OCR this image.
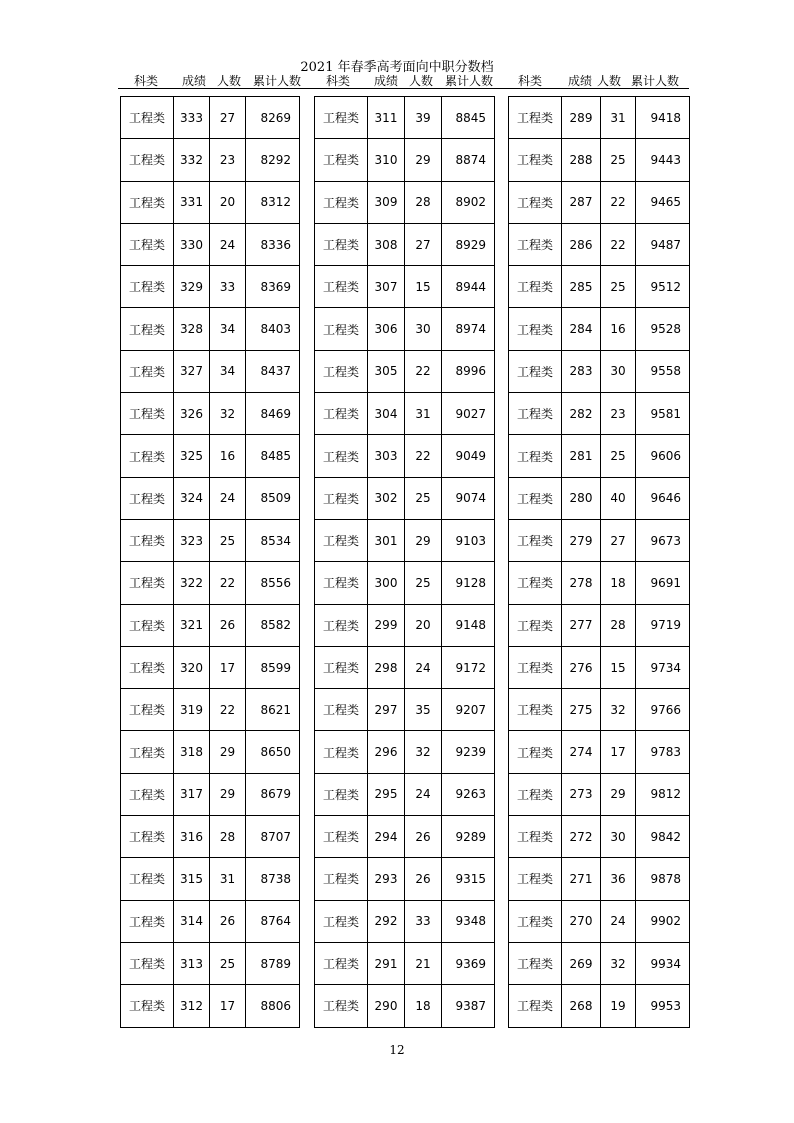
2021 年春季高考面向中职分数档
科类	成绩 人数 累计人数	科类	成绩 人数 累计人数	科类	成绩 人数 累计人数
工程类	333	27	8269
工程类	332	23	8292
工程类	331	20	8312
工程类	330	24	8336
工程类	329	33	8369
工程类	328	34	8403
工程类	327	34	8437
工程类	326	32	8469
工程类	325	16	8485
工程类	324	24	8509
工程类	323	25	8534
工程类	322	22	8556
工程类	321	26	8582
工程类	320	17	8599
工程类	319	22	8621
工程类	318	29	8650
工程类	317	29	8679
工程类	316	28	8707
工程类	315	31	8738
工程类	314	26	8764
工程类	313	25	8789
工程类	312	17	8806
工程类	311	39	8845
工程类	310	29	8874
工程类	309	28	8902
工程类	308	27	8929
工程类	307	15	8944
工程类	306	30	8974
工程类	305	22	8996
工程类	304	31	9027
工程类	303	22	9049
工程类	302	25	9074
工程类	301	29	9103
工程类	300	25	9128
工程类	299	20	9148
工程类	298	24	9172
工程类	297	35	9207
工程类	296	32	9239
工程类	295	24	9263
工程类	294	26	9289
工程类	293	26	9315
工程类	292	33	9348
工程类	291	21	9369
工程类	290	18	9387
工程类	289	31	9418
工程类	288	25	9443
工程类	287	22	9465
工程类	286	22	9487
工程类	285	25	9512
工程类	284	16	9528
工程类	283	30	9558
工程类	282	23	9581
工程类	281	25	9606
工程类	280	40	9646
工程类	279	27	9673
工程类	278	18	9691
工程类	277	28	9719
工程类	276	15	9734
工程类	275	32	9766
工程类	274	17	9783
工程类	273	29	9812
工程类	272	30	9842
工程类	271	36	9878
工程类	270	24	9902
工程类	269	32	9934
工程类	268	19	9953
12
